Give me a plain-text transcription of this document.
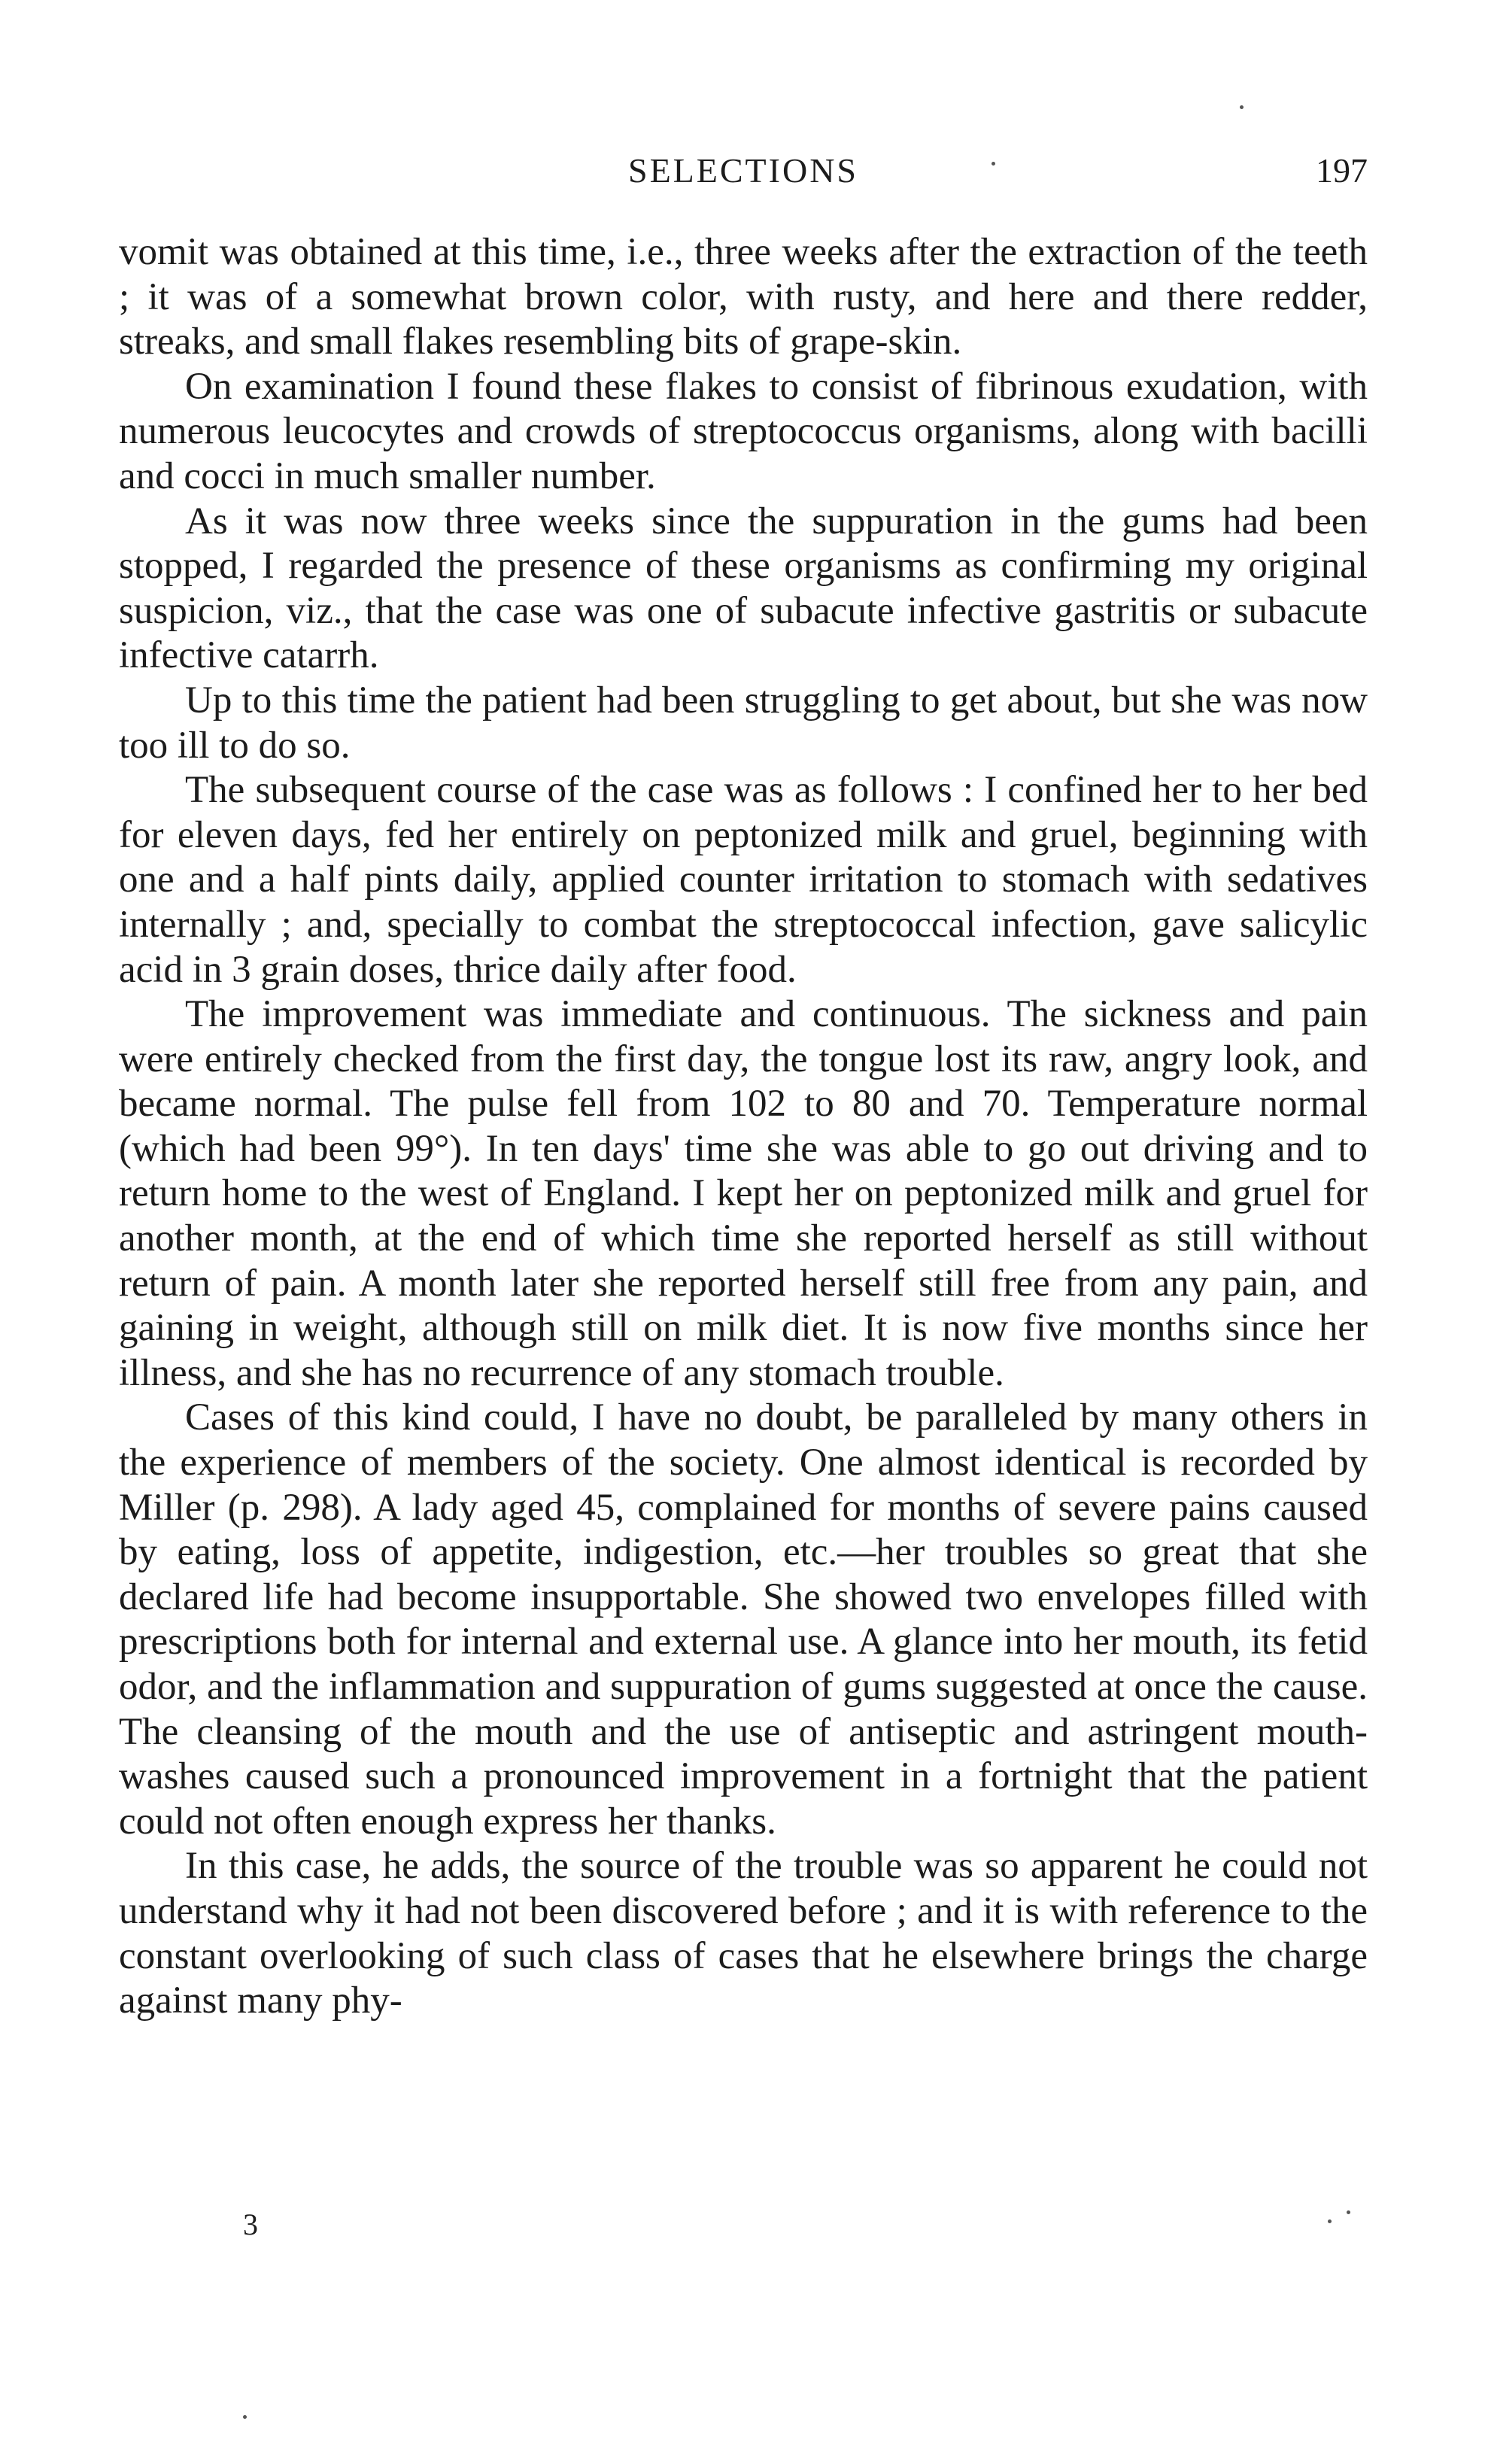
SELECTIONS	197

vomit was obtained at this time, i.e., three weeks after the extraction of the teeth ; it was of a somewhat brown color, with rusty, and here and there redder, streaks, and small flakes resembling bits of grape-skin.

On examination I found these flakes to consist of fibrinous exudation, with numerous leucocytes and crowds of streptococcus organisms, along with bacilli and cocci in much smaller number.

As it was now three weeks since the suppuration in the gums had been stopped, I regarded the presence of these organisms as confirming my original suspicion, viz., that the case was one of subacute infective gastritis or subacute infective catarrh.

Up to this time the patient had been struggling to get about, but she was now too ill to do so.

The subsequent course of the case was as follows : I confined her to her bed for eleven days, fed her entirely on peptonized milk and gruel, beginning with one and a half pints daily, applied counter irritation to stomach with sedatives internally ; and, specially to combat the streptococcal infection, gave salicylic acid in 3 grain doses, thrice daily after food.

The improvement was immediate and continuous. The sickness and pain were entirely checked from the first day, the tongue lost its raw, angry look, and became normal. The pulse fell from 102 to 80 and 70. Temperature normal (which had been 99°). In ten days' time she was able to go out driving and to return home to the west of England. I kept her on peptonized milk and gruel for another month, at the end of which time she reported herself as still without return of pain. A month later she reported herself still free from any pain, and gaining in weight, although still on milk diet. It is now five months since her illness, and she has no recurrence of any stomach trouble.

Cases of this kind could, I have no doubt, be paralleled by many others in the experience of members of the society. One almost identical is recorded by Miller (p. 298). A lady aged 45, complained for months of severe pains caused by eating, loss of appetite, indigestion, etc.—her troubles so great that she declared life had become insupportable. She showed two envelopes filled with prescriptions both for internal and external use. A glance into her mouth, its fetid odor, and the inflammation and suppuration of gums suggested at once the cause. The cleansing of the mouth and the use of antiseptic and astringent mouth-washes caused such a pronounced improvement in a fortnight that the patient could not often enough express her thanks.

In this case, he adds, the source of the trouble was so apparent he could not understand why it had not been discovered before ; and it is with reference to the constant overlooking of such class of cases that he elsewhere brings the charge against many phy-

3
